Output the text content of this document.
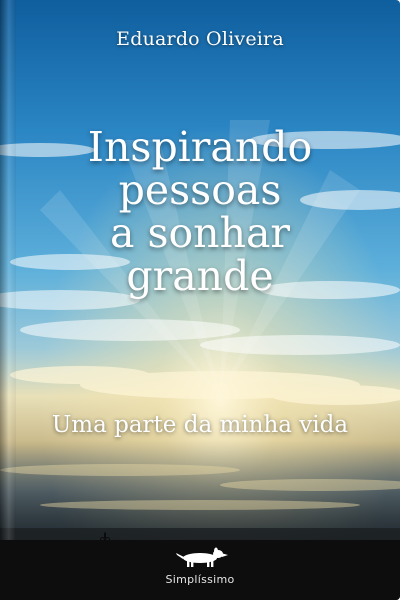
Eduardo Oliveira
Inspirando
pessoas
a sonhar
grande
Uma parte da minha vida
Simplíssimo
